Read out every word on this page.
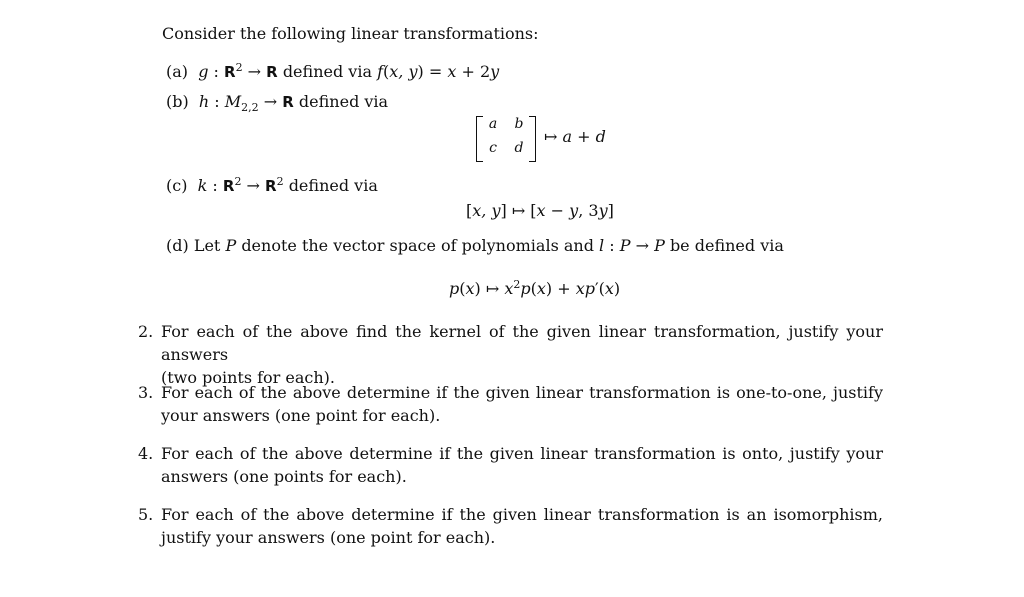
Consider the following linear transformations:
(a)  g : $R^2 \to R$ defined via f(x, y) = x + 2y
(b)  h : $M_{2,2} \to R$ defined via
a	b
c	d
↦ a + d
(c)  k : $R^2 \to R^2$ defined via
[x, y] ↦ [x − y, 3y]
(d) Let P denote the vector space of polynomials and l : P → P be defined via
p(x) ↦ $x^2p(x) + xp'(x)$
2. For each of the above find the kernel of the given linear transformation, justify your answers
(two points for each).
3. For each of the above determine if the given linear transformation is one-to-one, justify
your answers (one point for each).
4. For each of the above determine if the given linear transformation is onto, justify your
answers (one points for each).
5. For each of the above determine if the given linear transformation is an isomorphism,
justify your answers (one point for each).
